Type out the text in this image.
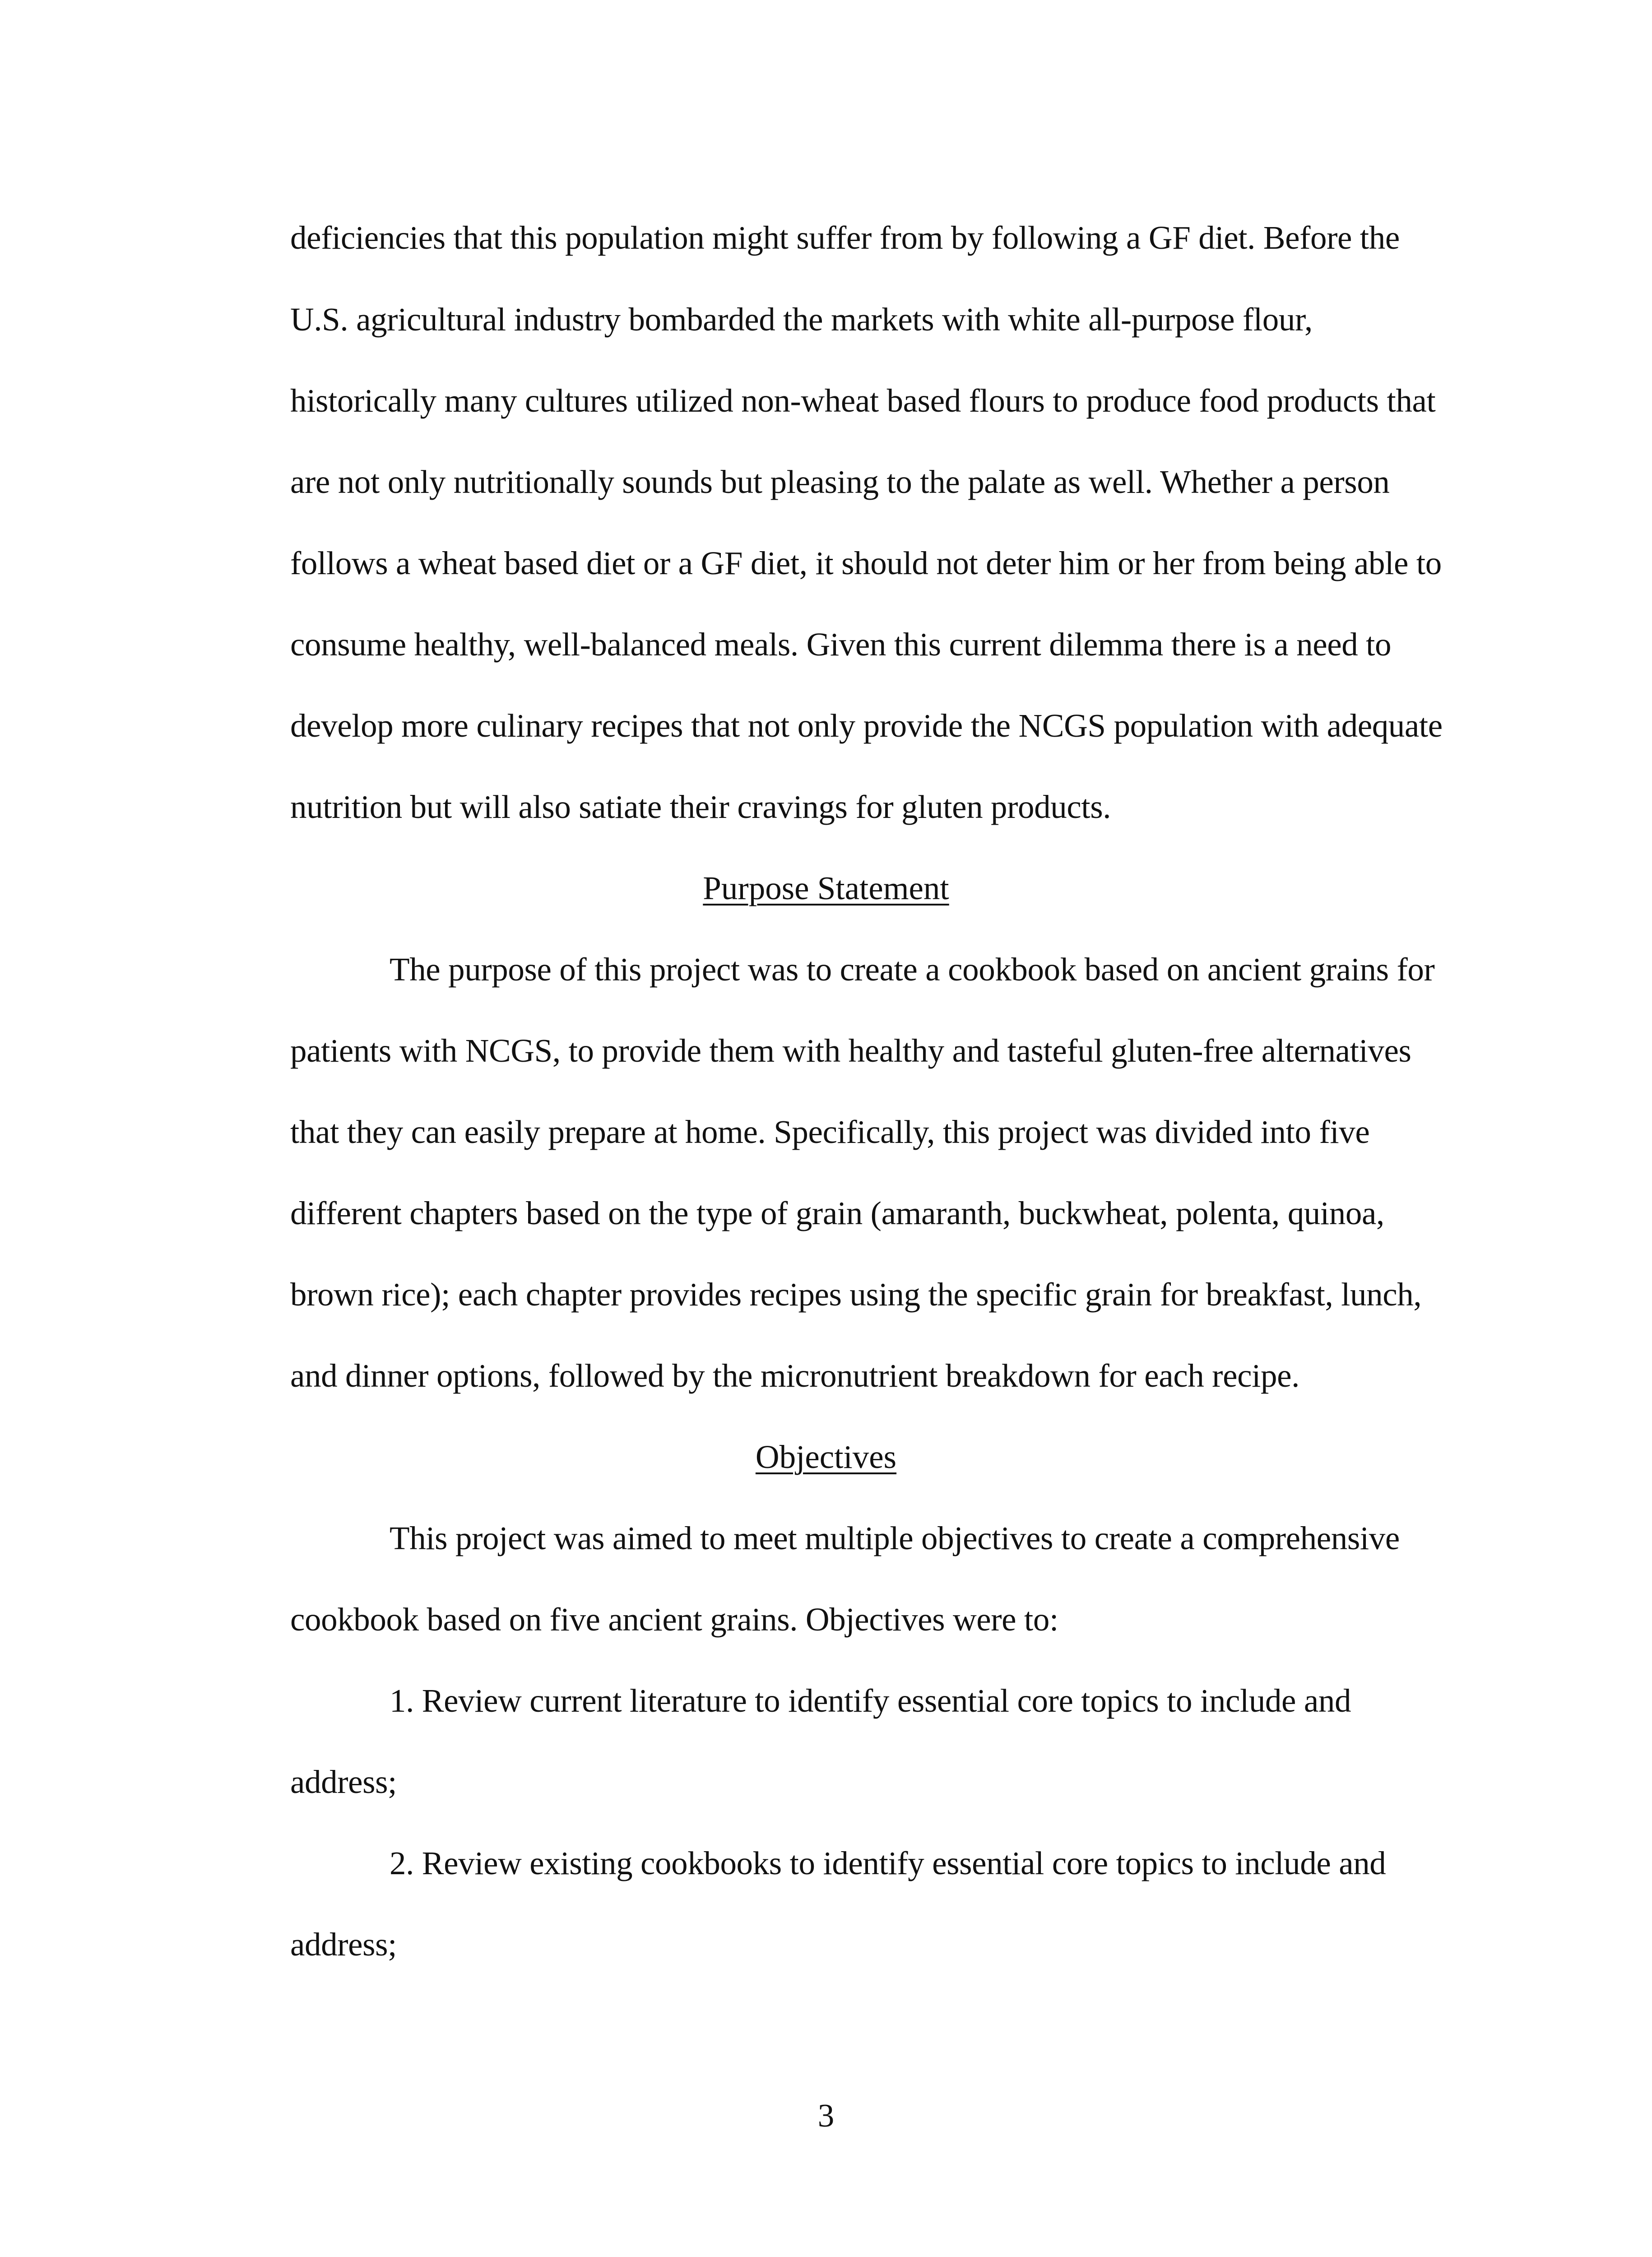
deficiencies that this population might suffer from by following a GF diet. Before the
U.S. agricultural industry bombarded the markets with white all-purpose flour,
historically many cultures utilized non-wheat based flours to produce food products that
are not only nutritionally sounds but pleasing to the palate as well. Whether a person
follows a wheat based diet or a GF diet, it should not deter him or her from being able to
consume healthy, well-balanced meals. Given this current dilemma there is a need to
develop more culinary recipes that not only provide the NCGS population with adequate
nutrition but will also satiate their cravings for gluten products.
Purpose Statement
The purpose of this project was to create a cookbook based on ancient grains for
patients with NCGS, to provide them with healthy and tasteful gluten-free alternatives
that they can easily prepare at home. Specifically, this project was divided into five
different chapters based on the type of grain (amaranth, buckwheat, polenta, quinoa,
brown rice); each chapter provides recipes using the specific grain for breakfast, lunch,
and dinner options, followed by the micronutrient breakdown for each recipe.
Objectives
This project was aimed to meet multiple objectives to create a comprehensive
cookbook based on five ancient grains. Objectives were to:
1. Review current literature to identify essential core topics to include and
address;
2. Review existing cookbooks to identify essential core topics to include and
address;
3
